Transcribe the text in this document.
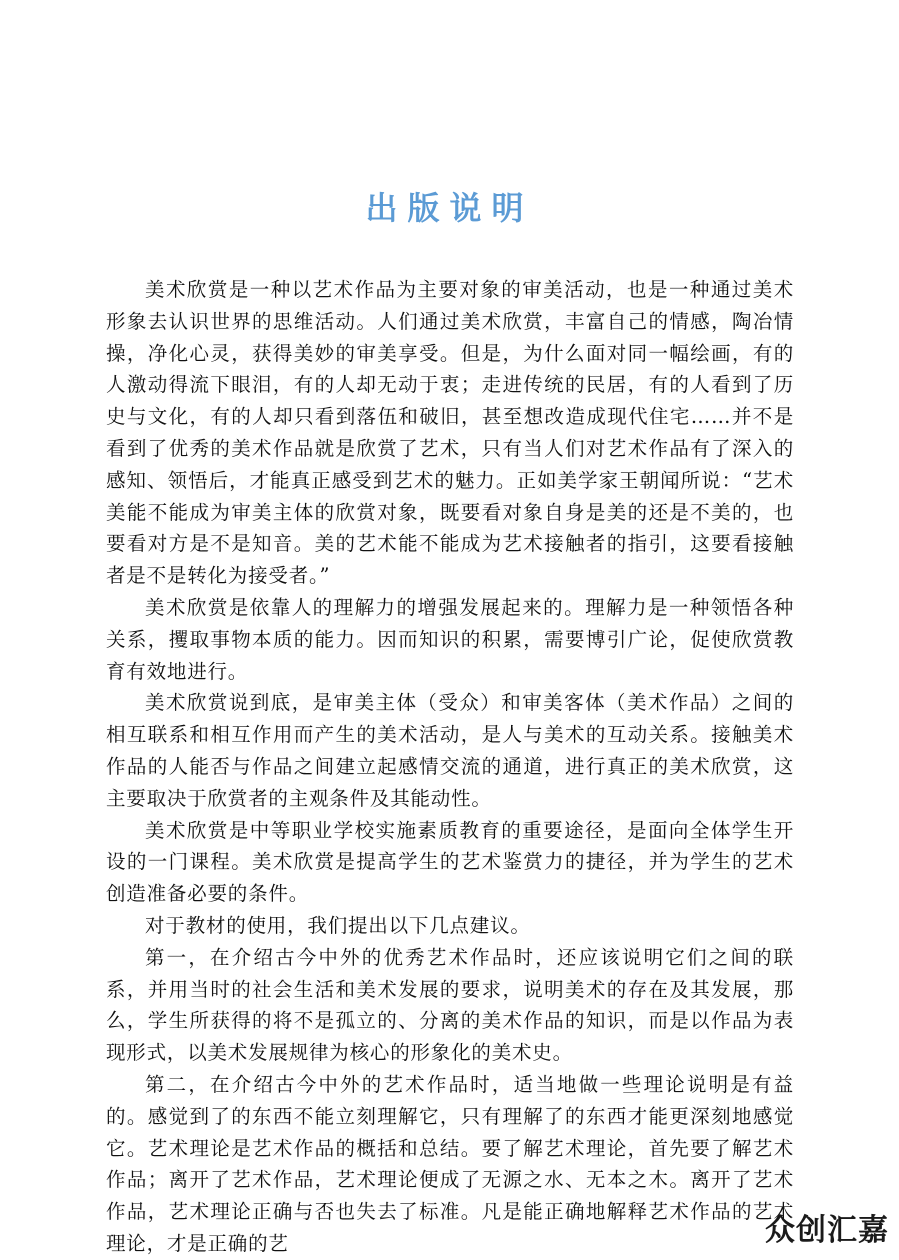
出版说明

美术欣赏是一种以艺术作品为主要对象的审美活动，也是一种通过美术形象去认识世界的思维活动。人们通过美术欣赏，丰富自己的情感，陶冶情操，净化心灵，获得美妙的审美享受。但是，为什么面对同一幅绘画，有的人激动得流下眼泪，有的人却无动于衷；走进传统的民居，有的人看到了历史与文化，有的人却只看到落伍和破旧，甚至想改造成现代住宅……并不是看到了优秀的美术作品就是欣赏了艺术，只有当人们对艺术作品有了深入的感知、领悟后，才能真正感受到艺术的魅力。正如美学家王朝闻所说：“艺术美能不能成为审美主体的欣赏对象，既要看对象自身是美的还是不美的，也要看对方是不是知音。美的艺术能不能成为艺术接触者的指引，这要看接触者是不是转化为接受者。”

美术欣赏是依靠人的理解力的增强发展起来的。理解力是一种领悟各种关系，攫取事物本质的能力。因而知识的积累，需要博引广论，促使欣赏教育有效地进行。

美术欣赏说到底，是审美主体（受众）和审美客体（美术作品）之间的相互联系和相互作用而产生的美术活动，是人与美术的互动关系。接触美术作品的人能否与作品之间建立起感情交流的通道，进行真正的美术欣赏，这主要取决于欣赏者的主观条件及其能动性。

美术欣赏是中等职业学校实施素质教育的重要途径，是面向全体学生开设的一门课程。美术欣赏是提高学生的艺术鉴赏力的捷径，并为学生的艺术创造准备必要的条件。

对于教材的使用，我们提出以下几点建议。

第一，在介绍古今中外的优秀艺术作品时，还应该说明它们之间的联系，并用当时的社会生活和美术发展的要求，说明美术的存在及其发展，那么，学生所获得的将不是孤立的、分离的美术作品的知识，而是以作品为表现形式，以美术发展规律为核心的形象化的美术史。

第二，在介绍古今中外的艺术作品时，适当地做一些理论说明是有益的。感觉到了的东西不能立刻理解它，只有理解了的东西才能更深刻地感觉它。艺术理论是艺术作品的概括和总结。要了解艺术理论，首先要了解艺术作品；离开了艺术作品，艺术理论便成了无源之水、无本之木。离开了艺术作品，艺术理论正确与否也失去了标准。凡是能正确地解释艺术作品的艺术理论，才是正确的艺	众创汇嘉
